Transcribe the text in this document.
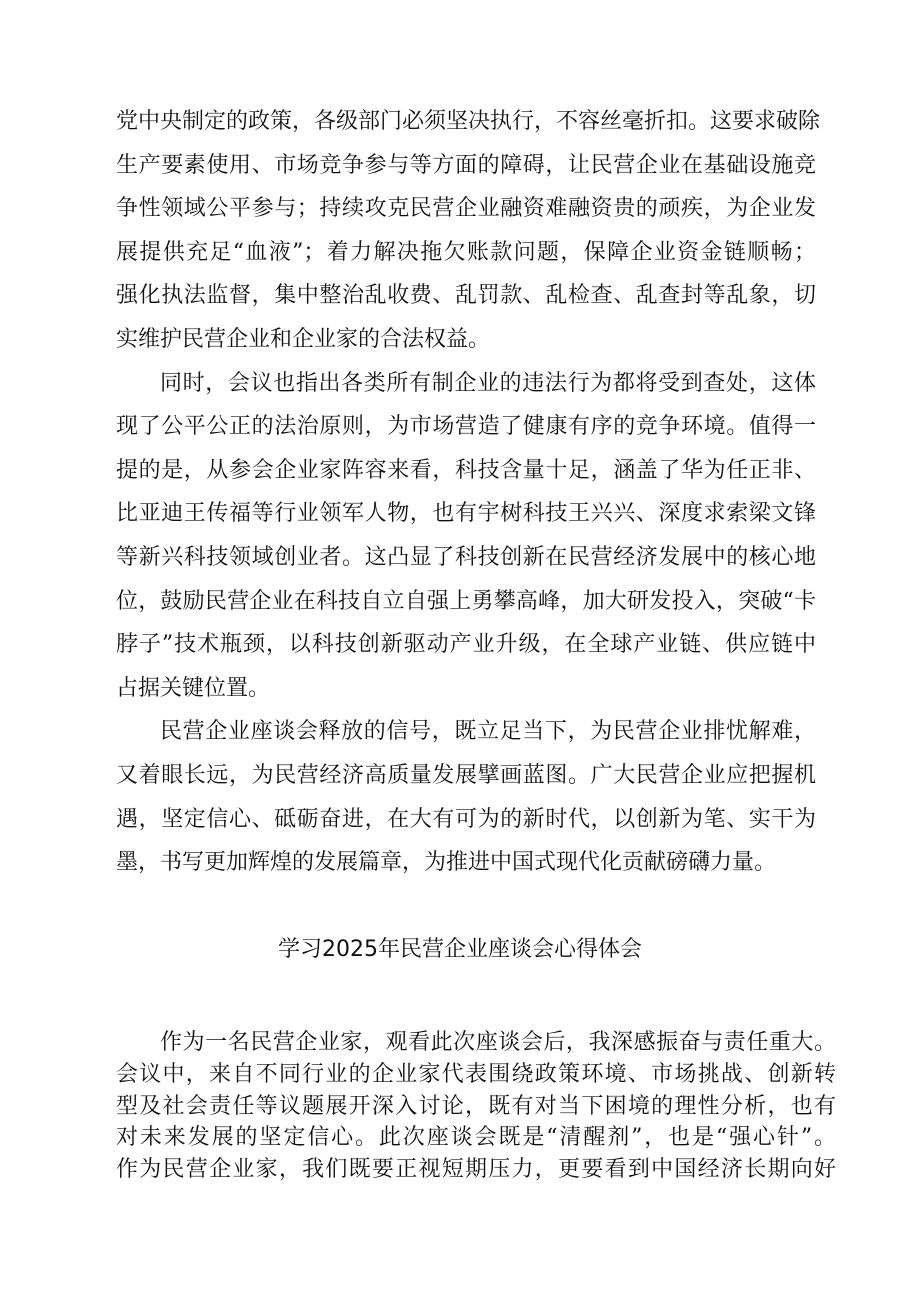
党中央制定的政策，各级部门必须坚决执行，不容丝毫折扣。这要求破除
生产要素使用、市场竞争参与等方面的障碍，让民营企业在基础设施竞
争性领域公平参与；持续攻克民营企业融资难融资贵的顽疾，为企业发
展提供充足“血液”；着力解决拖欠账款问题，保障企业资金链顺畅；
强化执法监督，集中整治乱收费、乱罚款、乱检查、乱查封等乱象，切
实维护民营企业和企业家的合法权益。
同时，会议也指出各类所有制企业的违法行为都将受到查处，这体
现了公平公正的法治原则，为市场营造了健康有序的竞争环境。值得一
提的是，从参会企业家阵容来看，科技含量十足，涵盖了华为任正非、
比亚迪王传福等行业领军人物，也有宇树科技王兴兴、深度求索梁文锋
等新兴科技领域创业者。这凸显了科技创新在民营经济发展中的核心地
位，鼓励民营企业在科技自立自强上勇攀高峰，加大研发投入，突破“卡
脖子”技术瓶颈，以科技创新驱动产业升级，在全球产业链、供应链中
占据关键位置。
民营企业座谈会释放的信号，既立足当下，为民营企业排忧解难，
又着眼长远，为民营经济高质量发展擘画蓝图。广大民营企业应把握机
遇，坚定信心、砥砺奋进，在大有可为的新时代，以创新为笔、实干为
墨，书写更加辉煌的发展篇章，为推进中国式现代化贡献磅礴力量。
学习2025年民营企业座谈会心得体会
作为一名民营企业家，观看此次座谈会后，我深感振奋与责任重大。
会议中，来自不同行业的企业家代表围绕政策环境、市场挑战、创新转
型及社会责任等议题展开深入讨论，既有对当下困境的理性分析，也有
对未来发展的坚定信心。此次座谈会既是“清醒剂”，也是“强心针”。
作为民营企业家，我们既要正视短期压力，更要看到中国经济长期向好
